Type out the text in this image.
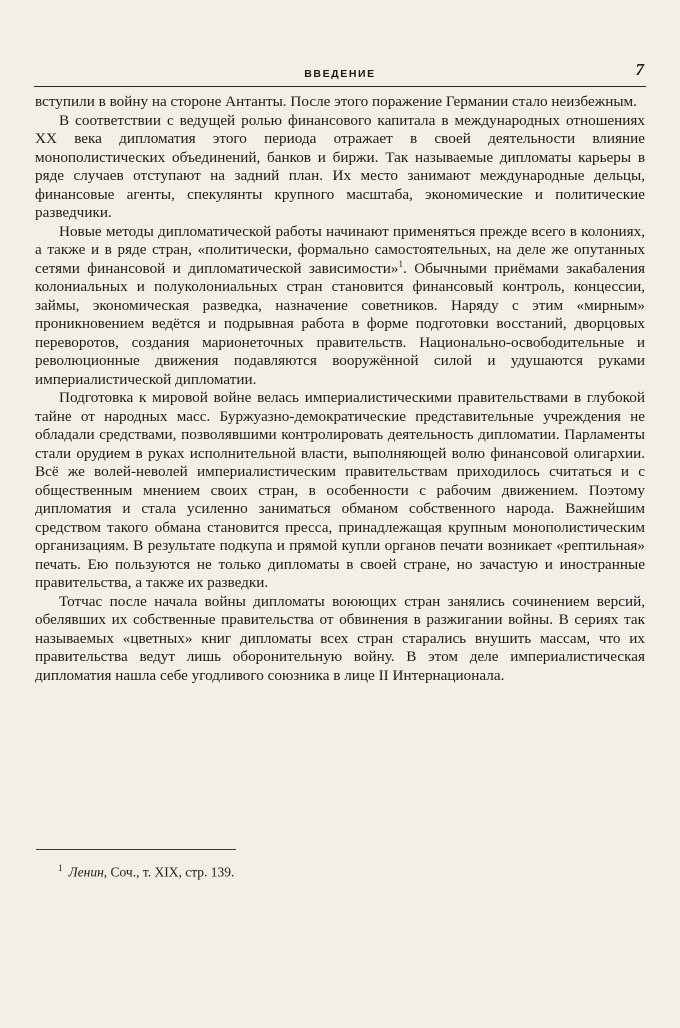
ВВЕДЕНИЕ	7

вступили в войну на стороне Антанты. После этого поражение Германии стало неизбежным.

В соответствии с ведущей ролью финансового капитала в международных отношениях XX века дипломатия этого периода отражает в своей деятельности влияние монополистических объединений, банков и биржи. Так называемые дипломаты карьеры в ряде случаев отступают на задний план. Их место занимают международные дельцы, финансовые агенты, спекулянты крупного масштаба, экономические и политические разведчики.

Новые методы дипломатической работы начинают применяться прежде всего в колониях, а также и в ряде стран, «политически, формально самостоятельных, на деле же опутанных сетями финансовой и дипломатической зависимости»$^1$. Обычными приёмами закабаления колониальных и полуколониальных стран становится финансовый контроль, концессии, займы, экономическая разведка, назначение советников. Наряду с этим «мирным» проникновением ведётся и подрывная работа в форме подготовки восстаний, дворцовых переворотов, создания марионеточных правительств. Национально-освободительные и революционные движения подавляются вооружённой силой и удушаются руками империалистической дипломатии.

Подготовка к мировой войне велась империалистическими правительствами в глубокой тайне от народных масс. Буржуазно-демократические представительные учреждения не обладали средствами, позволявшими контролировать деятельность дипломатии. Парламенты стали орудием в руках исполнительной власти, выполняющей волю финансовой олигархии. Всё же волей-неволей империалистическим правительствам приходилось считаться и с общественным мнением своих стран, в особенности с рабочим движением. Поэтому дипломатия и стала усиленно заниматься обманом собственного народа. Важнейшим средством такого обмана становится пресса, принадлежащая крупным монополистическим организациям. В результате подкупа и прямой купли органов печати возникает «рептильная» печать. Ею пользуются не только дипломаты в своей стране, но зачастую и иностранные правительства, а также их разведки.

Тотчас после начала войны дипломаты воюющих стран занялись сочинением версий, обелявших их собственные правительства от обвинения в разжигании войны. В сериях так называемых «цветных» книг дипломаты всех стран старались внушить массам, что их правительства ведут лишь оборонительную войну. В этом деле империалистическая дипломатия нашла себе угодливого союзника в лице II Интернационала.

$^1$ Ленин, Соч., т. XIX, стр. 139.
